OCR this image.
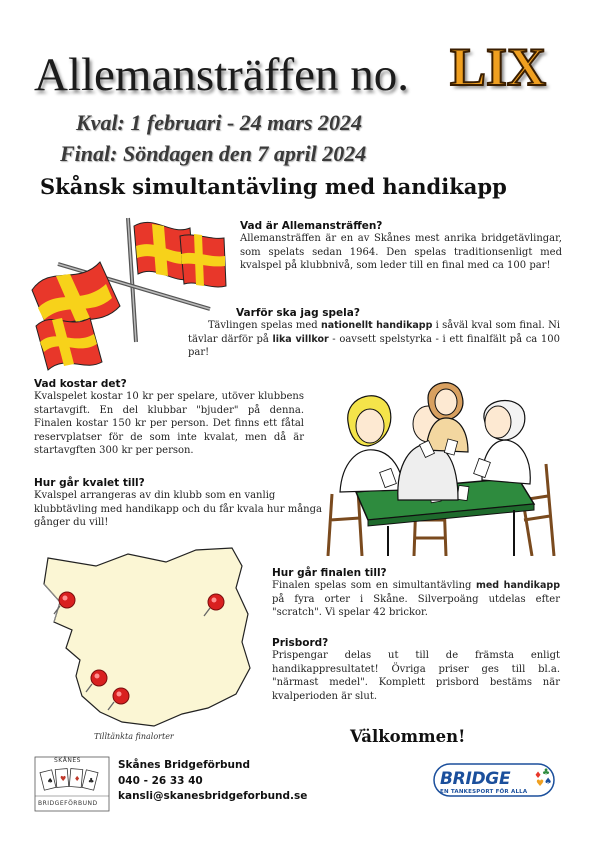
Allemansträffen no. LIX
Kval: 1 februari - 24 mars 2024
Final: Söndagen den 7 april 2024
Skånsk simultantävling med handikapp
Vad är Allemansträffen?
Allemansträffen är en av Skånes mest anrika bridgetävlingar, som spelats sedan 1964. Den spelas traditionsenligt med kvalspel på klubbnivå, som leder till en final med ca 100 par!
Varför ska jag spela?
Tävlingen spelas med nationellt handikapp i såväl kval som final. Ni tävlar därför på lika villkor - oavsett spelstyrka - i ett finalfält på ca 100 par!
Vad kostar det?
Kvalspelet kostar 10 kr per spelare, utöver klubbens startavgift. En del klubbar "bjuder" på denna. Finalen kostar 150 kr per person. Det finns ett fåtal reservplatser för de som inte kvalat, men då är startavgften 300 kr per person.
Hur går kvalet till?
Kvalspel arrangeras av din klubb som en vanlig klubbtävling med handikapp och du får kvala hur många gånger du vill!
Tilltänkta finalorter
Hur går finalen till?
Finalen spelas som en simultantävling med handikapp på fyra orter i Skåne. Silverpoäng utdelas efter "scratch". Vi spelar 42 brickor.
Prisbord?
Prispengar delas ut till de främsta enligt handikappresultatet! Övriga priser ges till bl.a. "närmast medel". Komplett prisbord bestäms när kvalperioden är slut.
Välkommen!
♠ ♥ ♦ ♣
SKÅNES
BRIDGEFÖRBUND
Skånes Bridgeförbund
040 - 26 33 40
kansli@skanesbridgeforbund.se
♦ ♣
♥ ♠
BRIDGE
EN TANKESPORT FÖR ALLA
